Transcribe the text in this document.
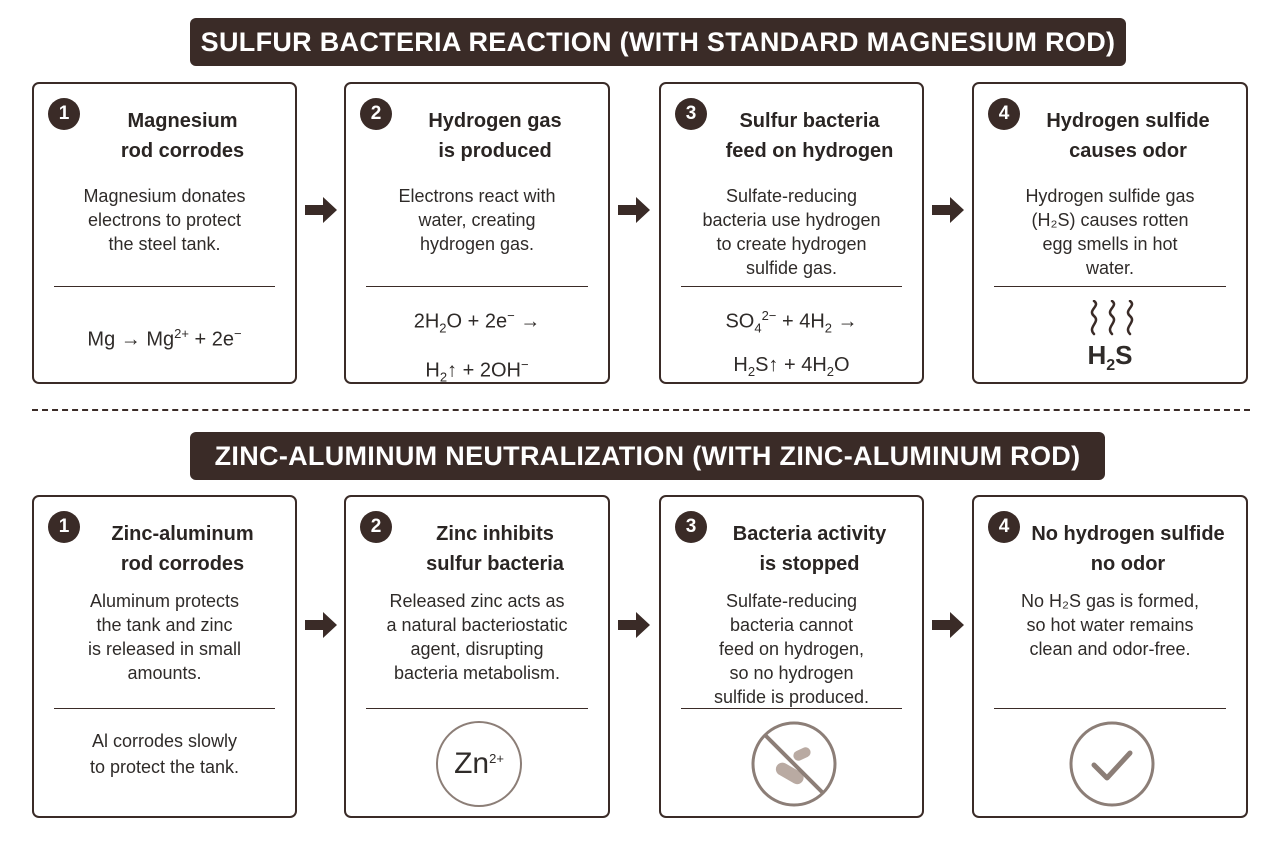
SULFUR BACTERIA REACTION (WITH STANDARD MAGNESIUM ROD)
ZINC-ALUMINUM NEUTRALIZATION (WITH ZINC-ALUMINUM ROD)
1	Magnesium
rod corrodes
Magnesium donates
electrons to protect
the steel tank.
$Mg \to Mg^{2+} + 2e^-$
2	Hydrogen gas
is produced
Electrons react with
water, creating
hydrogen gas.
$2H_2O + 2e^-$ →
$H_2↑ + 2OH^-$
3	Sulfur bacteria
feed on hydrogen
Sulfate-reducing
bacteria use hydrogen
to create hydrogen
sulfide gas.
$SO_4^{2-} + 4H_2$ →
$H_2S↑ + 4H_2O$
4	Hydrogen sulfide
causes odor
Hydrogen sulfide gas
(H₂S) causes rotten
egg smells in hot
water.
$H_2S$
1	Zinc-aluminum
rod corrodes
Aluminum protects
the tank and zinc
is released in small
amounts.
Al corrodes slowly
to protect the tank.
2	Zinc inhibits
sulfur bacteria
Released zinc acts as
a natural bacteriostatic
agent, disrupting
bacteria metabolism.
$Zn^{2+}$
3	Bacteria activity
is stopped
Sulfate-reducing
bacteria cannot
feed on hydrogen,
so no hydrogen
sulfide is produced.
4	No hydrogen sulfide
no odor
No H₂S gas is formed,
so hot water remains
clean and odor-free.
